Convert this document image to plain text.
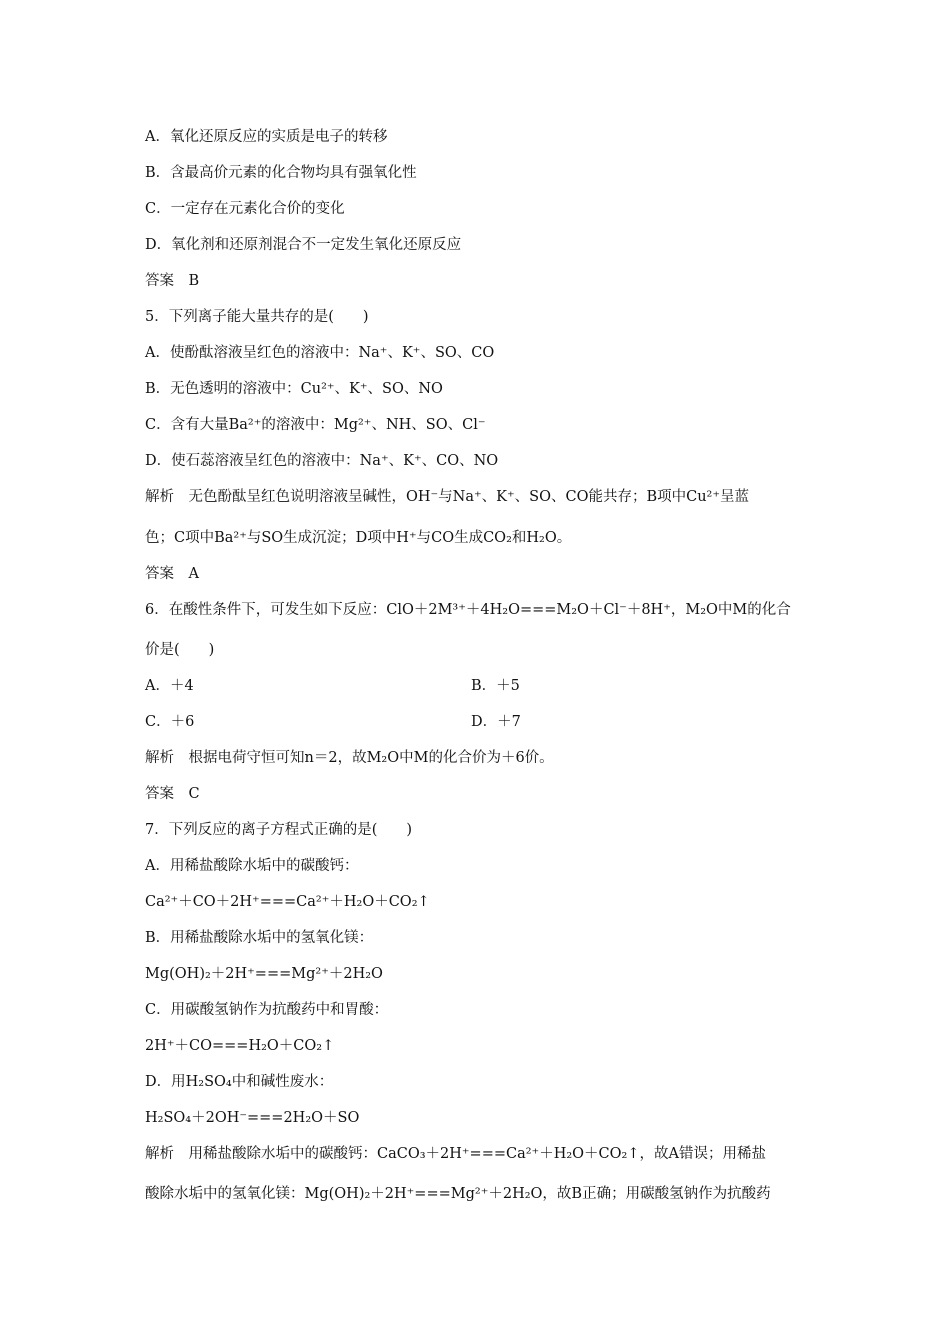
A．氧化还原反应的实质是电子的转移
B．含最高价元素的化合物均具有强氧化性
C．一定存在元素化合价的变化
D．氧化剂和还原剂混合不一定发生氧化还原反应
答案　B
5．下列离子能大量共存的是(　　)
A．使酚酞溶液呈红色的溶液中：Na⁺、K⁺、SO、CO
B．无色透明的溶液中：Cu²⁺、K⁺、SO、NO
C．含有大量Ba²⁺的溶液中：Mg²⁺、NH、SO、Cl⁻
D．使石蕊溶液呈红色的溶液中：Na⁺、K⁺、CO、NO
解析　无色酚酞呈红色说明溶液呈碱性，OH⁻与Na⁺、K⁺、SO、CO能共存；B项中Cu²⁺呈蓝
色；C项中Ba²⁺与SO生成沉淀；D项中H⁺与CO生成CO₂和H₂O。
答案　A
6．在酸性条件下，可发生如下反应：ClO＋2M³⁺＋4H₂O===M₂O＋Cl⁻＋8H⁺，M₂O中M的化合
价是(　　)
A．＋4	B．＋5
C．＋6	D．＋7
解析　根据电荷守恒可知n＝2，故M₂O中M的化合价为＋6价。
答案　C
7．下列反应的离子方程式正确的是(　　)
A．用稀盐酸除水垢中的碳酸钙：
Ca²⁺＋CO＋2H⁺===Ca²⁺＋H₂O＋CO₂↑
B．用稀盐酸除水垢中的氢氧化镁：
Mg(OH)₂＋2H⁺===Mg²⁺＋2H₂O
C．用碳酸氢钠作为抗酸药中和胃酸：
2H⁺＋CO===H₂O＋CO₂↑
D．用H₂SO₄中和碱性废水：
H₂SO₄＋2OH⁻===2H₂O＋SO
解析　用稀盐酸除水垢中的碳酸钙：CaCO₃＋2H⁺===Ca²⁺＋H₂O＋CO₂↑，故A错误；用稀盐
酸除水垢中的氢氧化镁：Mg(OH)₂＋2H⁺===Mg²⁺＋2H₂O，故B正确；用碳酸氢钠作为抗酸药
